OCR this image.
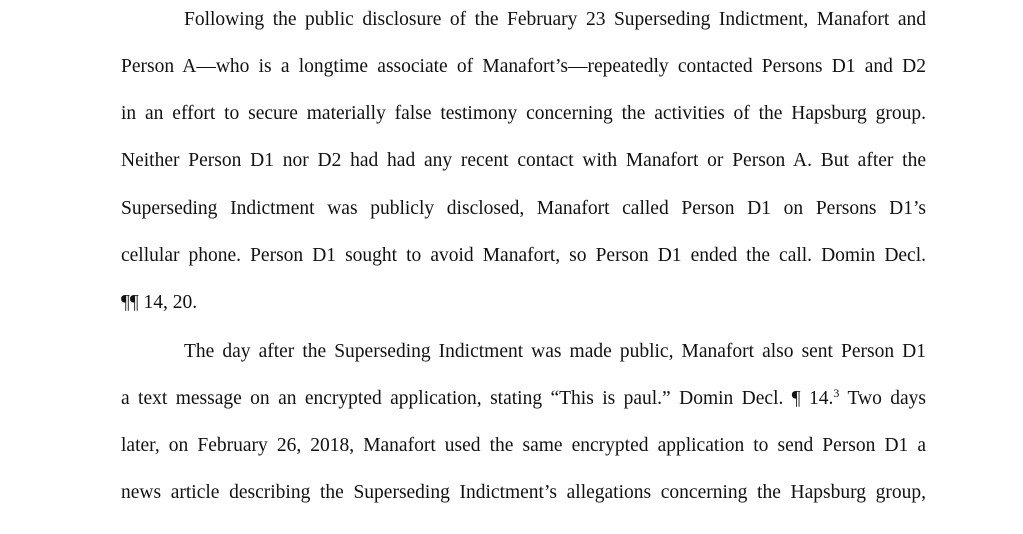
Following the public disclosure of the February 23 Superseding Indictment, Manafort and
Person A—who is a longtime associate of Manafort’s—repeatedly contacted Persons D1 and D2
in an effort to secure materially false testimony concerning the activities of the Hapsburg group.
Neither Person D1 nor D2 had had any recent contact with Manafort or Person A. But after the
Superseding Indictment was publicly disclosed, Manafort called Person D1 on Persons D1’s
cellular phone. Person D1 sought to avoid Manafort, so Person D1 ended the call. Domin Decl.
¶¶ 14, 20.
The day after the Superseding Indictment was made public, Manafort also sent Person D1
a text message on an encrypted application, stating “This is paul.” Domin Decl. ¶ 14.$^3$ Two days
later, on February 26, 2018, Manafort used the same encrypted application to send Person D1 a
news article describing the Superseding Indictment’s allegations concerning the Hapsburg group,
